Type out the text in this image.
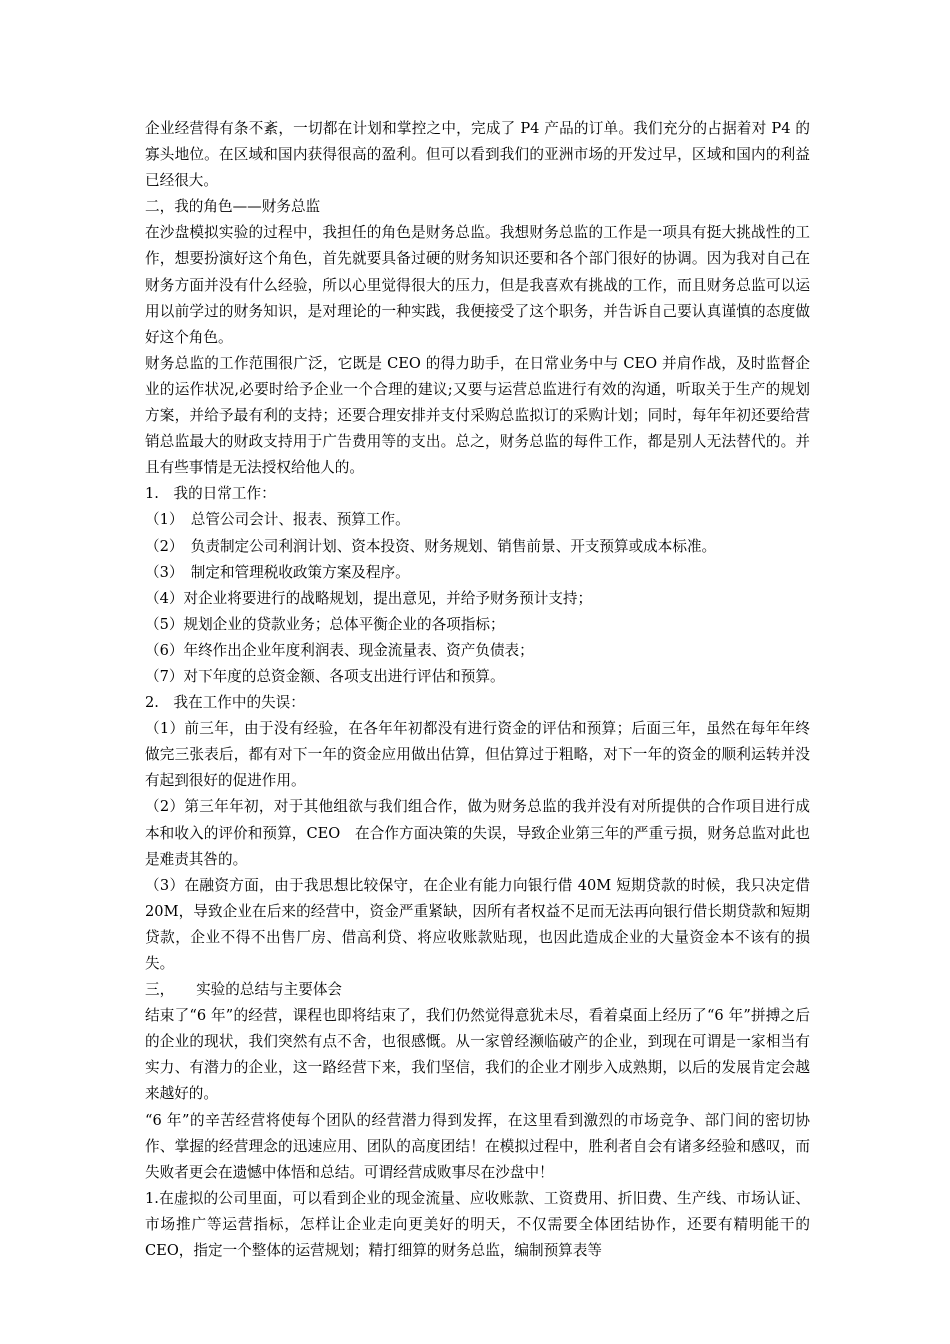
企业经营得有条不紊，一切都在计划和掌控之中，完成了 P4 产品的订单。我们充分的占据着对 P4 的寡头地位。在区域和国内获得很高的盈利。但可以看到我们的亚洲市场的开发过早，区域和国内的利益已经很大。

二，我的角色——财务总监

在沙盘模拟实验的过程中，我担任的角色是财务总监。我想财务总监的工作是一项具有挺大挑战性的工作，想要扮演好这个角色，首先就要具备过硬的财务知识还要和各个部门很好的协调。因为我对自己在财务方面并没有什么经验，所以心里觉得很大的压力，但是我喜欢有挑战的工作，而且财务总监可以运用以前学过的财务知识，是对理论的一种实践，我便接受了这个职务，并告诉自己要认真谨慎的态度做好这个角色。

财务总监的工作范围很广泛，它既是 CEO 的得力助手，在日常业务中与 CEO 并肩作战，及时监督企业的运作状况,必要时给予企业一个合理的建议;又要与运营总监进行有效的沟通，听取关于生产的规划方案，并给予最有利的支持；还要合理安排并支付采购总监拟订的采购计划；同时，每年年初还要给营销总监最大的财政支持用于广告费用等的支出。总之，财务总监的每件工作，都是别人无法替代的。并且有些事情是无法授权给他人的。

1.　我的日常工作：

（1）　总管公司会计、报表、预算工作。

（2）　负责制定公司利润计划、资本投资、财务规划、销售前景、开支预算或成本标准。

（3）　制定和管理税收政策方案及程序。

（4）对企业将要进行的战略规划，提出意见，并给予财务预计支持；

（5）规划企业的贷款业务；总体平衡企业的各项指标；

（6）年终作出企业年度利润表、现金流量表、资产负债表；

（7）对下年度的总资金额、各项支出进行评估和预算。

2.　我在工作中的失误：

（1）前三年，由于没有经验，在各年年初都没有进行资金的评估和预算；后面三年，虽然在每年年终做完三张表后，都有对下一年的资金应用做出估算，但估算过于粗略，对下一年的资金的顺利运转并没有起到很好的促进作用。

（2）第三年年初，对于其他组欲与我们组合作，做为财务总监的我并没有对所提供的合作项目进行成本和收入的评价和预算，CEO　在合作方面决策的失误，导致企业第三年的严重亏损，财务总监对此也是难责其咎的。

（3）在融资方面，由于我思想比较保守，在企业有能力向银行借 40M 短期贷款的时候，我只决定借　20M，导致企业在后来的经营中，资金严重紧缺，因所有者权益不足而无法再向银行借长期贷款和短期贷款，企业不得不出售厂房、借高利贷、将应收账款贴现，也因此造成企业的大量资金本不该有的损失。

三，　　实验的总结与主要体会

结束了“6 年”的经营，课程也即将结束了，我们仍然觉得意犹未尽，看着桌面上经历了“6 年”拼搏之后的企业的现状，我们突然有点不舍，也很感慨。从一家曾经濒临破产的企业，到现在可谓是一家相当有实力、有潜力的企业，这一路经营下来，我们坚信，我们的企业才刚步入成熟期，以后的发展肯定会越来越好的。

“6 年”的辛苦经营将使每个团队的经营潜力得到发挥，在这里看到激烈的市场竞争、部门间的密切协作、掌握的经营理念的迅速应用、团队的高度团结！在模拟过程中，胜利者自会有诸多经验和感叹，而失败者更会在遗憾中体悟和总结。可谓经营成败事尽在沙盘中！

1.在虚拟的公司里面，可以看到企业的现金流量、应收账款、工资费用、折旧费、生产线、市场认证、市场推广等运营指标，怎样让企业走向更美好的明天，不仅需要全体团结协作，还要有精明能干的　CEO，指定一个整体的运营规划；精打细算的财务总监，编制预算表等
